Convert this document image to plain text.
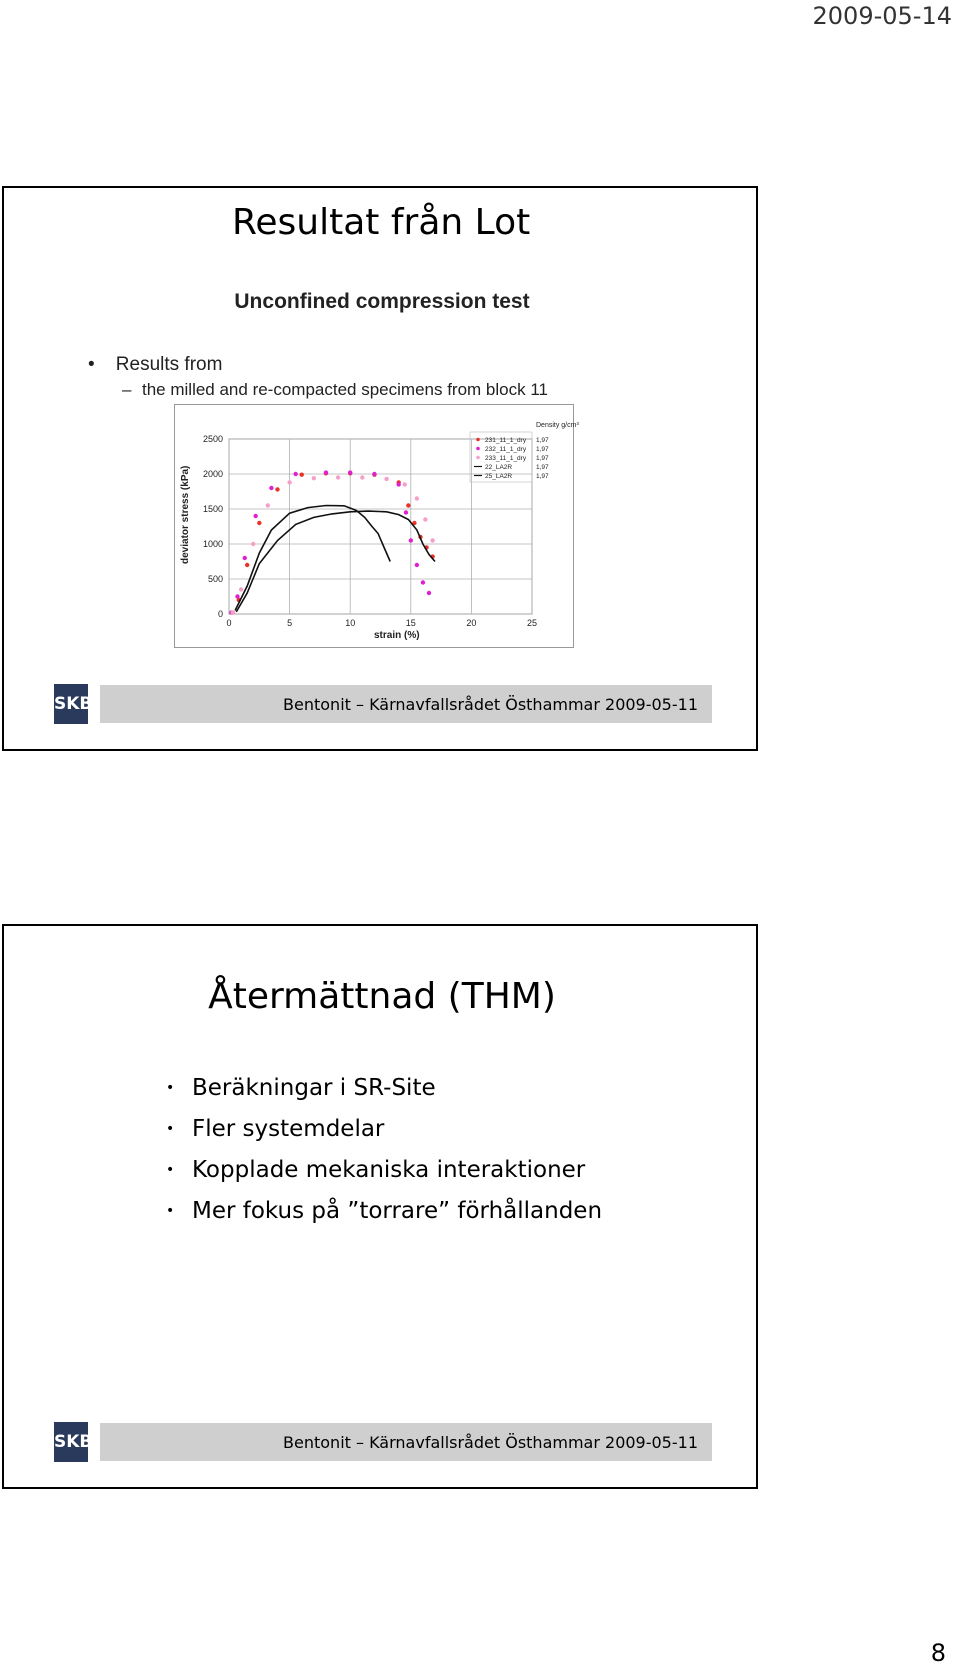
2009-05-14
Resultat från Lot
Unconfined compression test
•    Results from
– the milled and re-compacted specimens from block 11
0
500
1000
1500
2000
2500
0	5	10	15	20	25
strain (%)
deviator stress (kPa)
Density g/cm³
231_11_1_dry 1,97
232_11_1_dry 1,97
233_11_1_dry 1,97
22_LA2R	1,97
25_LA2R	1,97
SKB	Bentonit – Kärnavfallsrådet Östhammar 2009-05-11
Återmättnad (THM)
• Beräkningar i SR-Site
• Fler systemdelar
• Kopplade mekaniska interaktioner
• Mer fokus på ”torrare” förhållanden
SKB	Bentonit – Kärnavfallsrådet Östhammar 2009-05-11
8
